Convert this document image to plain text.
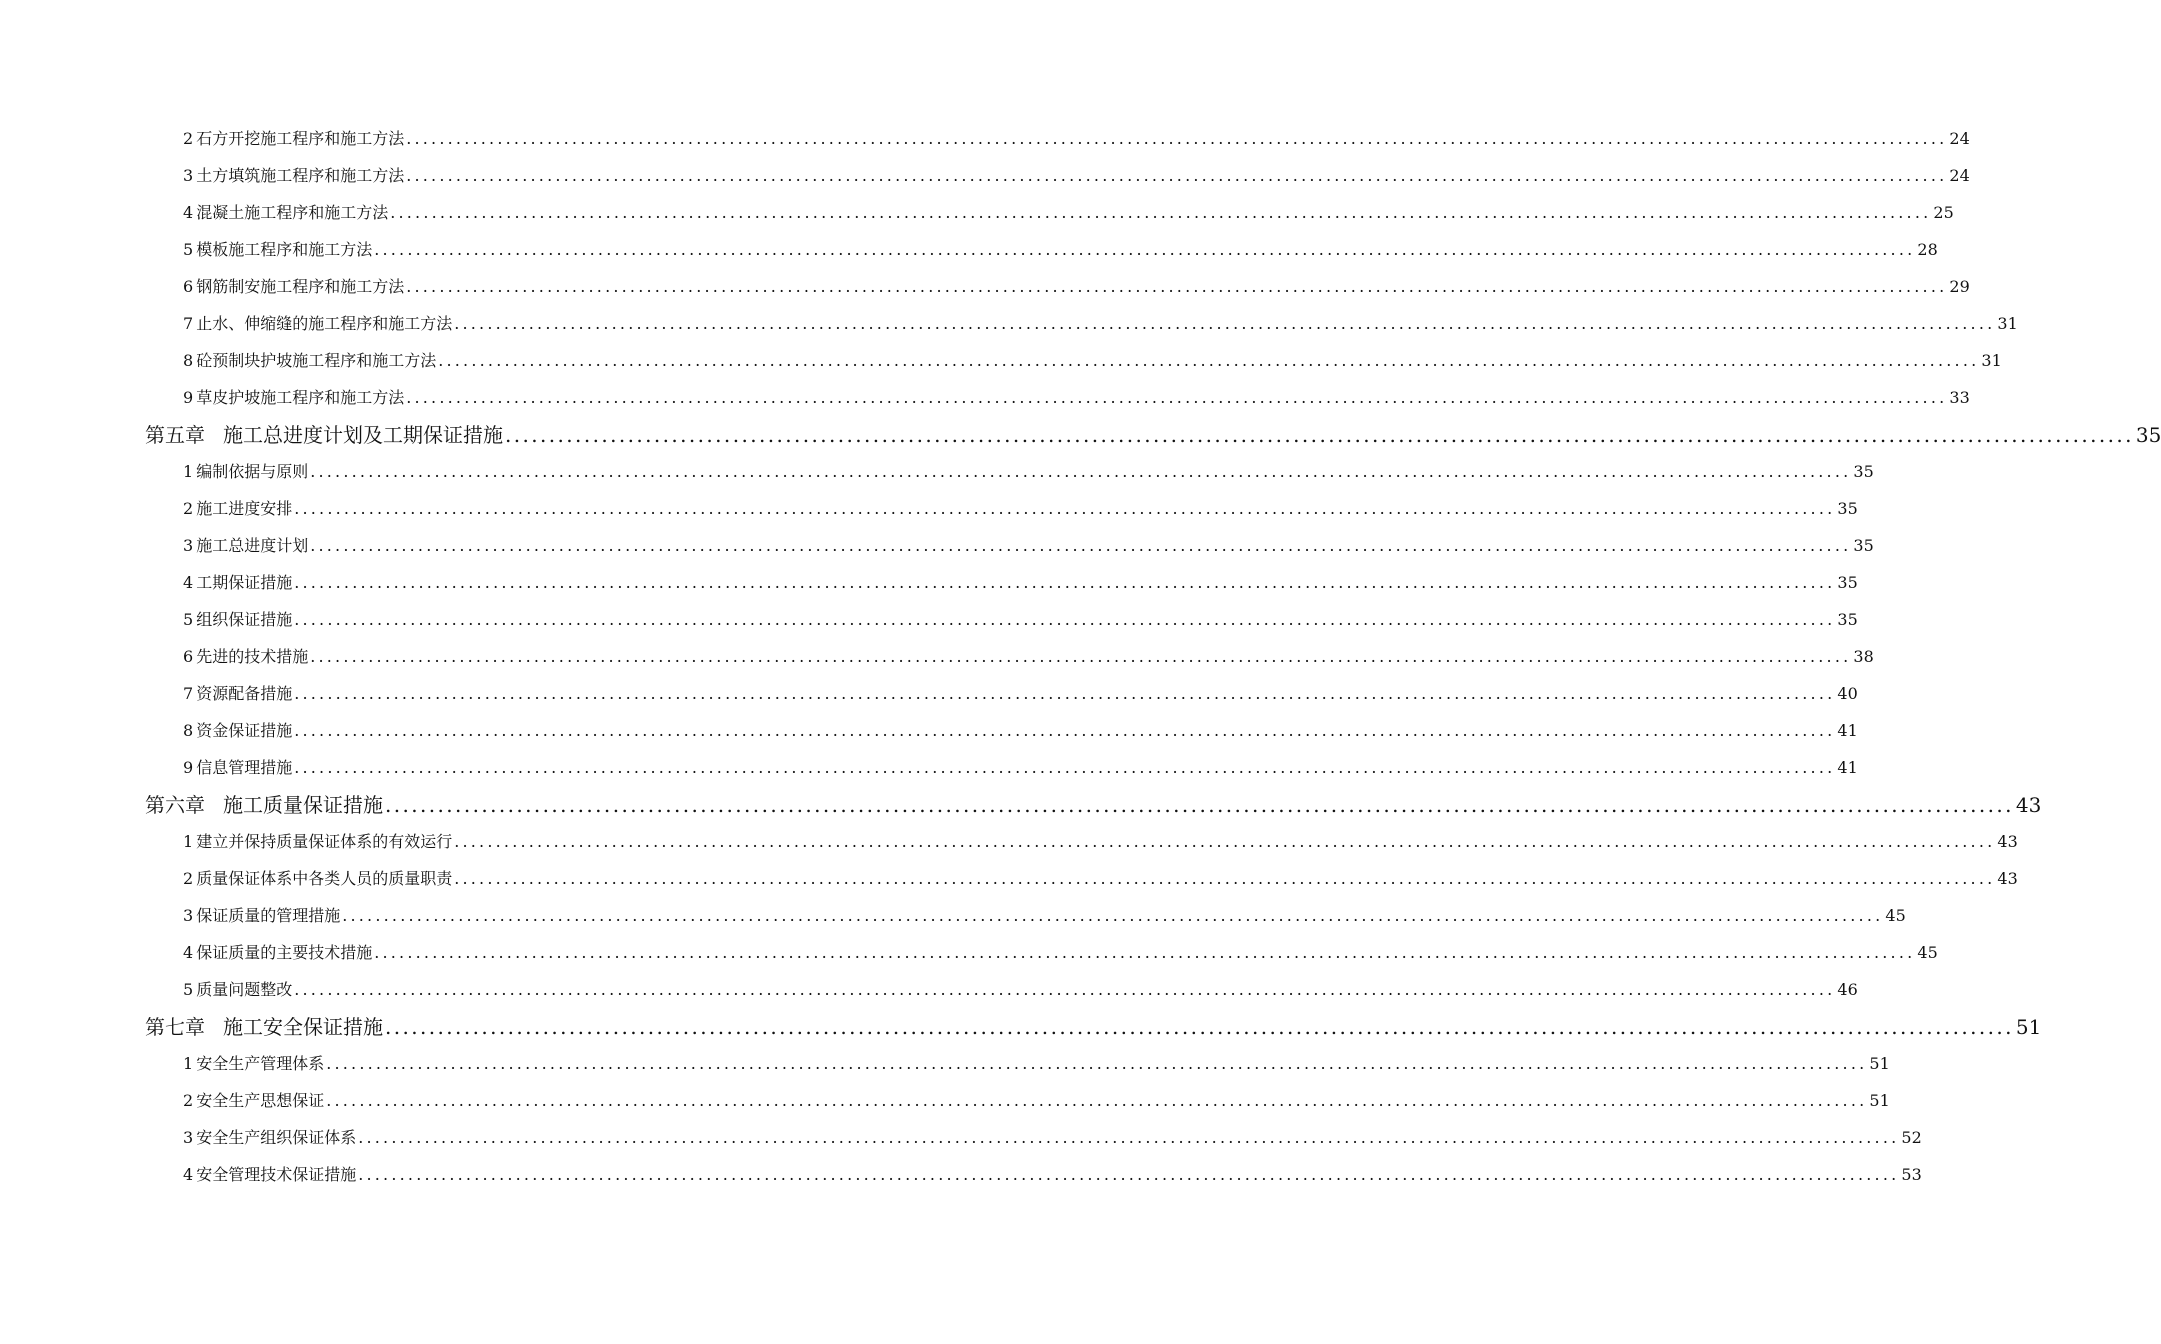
2 石方开挖施工程序和施工方法 .......................................................................................................................................................................................... 24
3 土方填筑施工程序和施工方法 .......................................................................................................................................................................................... 24
4 混凝土施工程序和施工方法 .......................................................................................................................................................................................... 25
5 模板施工程序和施工方法 .......................................................................................................................................................................................... 28
6 钢筋制安施工程序和施工方法 .......................................................................................................................................................................................... 29
7 止水、伸缩缝的施工程序和施工方法 .......................................................................................................................................................................................... 31
8 砼预制块护坡施工程序和施工方法 .......................................................................................................................................................................................... 31
9 草皮护坡施工程序和施工方法 .......................................................................................................................................................................................... 33
第五章 施工总进度计划及工期保证措施 .......................................................................................................................................................................................... 35
1 编制依据与原则 .......................................................................................................................................................................................... 35
2 施工进度安排 .......................................................................................................................................................................................... 35
3 施工总进度计划 .......................................................................................................................................................................................... 35
4 工期保证措施 .......................................................................................................................................................................................... 35
5 组织保证措施 .......................................................................................................................................................................................... 35
6 先进的技术措施 .......................................................................................................................................................................................... 38
7 资源配备措施 .......................................................................................................................................................................................... 40
8 资金保证措施 .......................................................................................................................................................................................... 41
9 信息管理措施 .......................................................................................................................................................................................... 41
第六章 施工质量保证措施 .......................................................................................................................................................................................... 43
1 建立并保持质量保证体系的有效运行 .......................................................................................................................................................................................... 43
2 质量保证体系中各类人员的质量职责 .......................................................................................................................................................................................... 43
3 保证质量的管理措施 .......................................................................................................................................................................................... 45
4 保证质量的主要技术措施 .......................................................................................................................................................................................... 45
5 质量问题整改 .......................................................................................................................................................................................... 46
第七章 施工安全保证措施 .......................................................................................................................................................................................... 51
1 安全生产管理体系 .......................................................................................................................................................................................... 51
2 安全生产思想保证 .......................................................................................................................................................................................... 51
3 安全生产组织保证体系 .......................................................................................................................................................................................... 52
4 安全管理技术保证措施 .......................................................................................................................................................................................... 53
